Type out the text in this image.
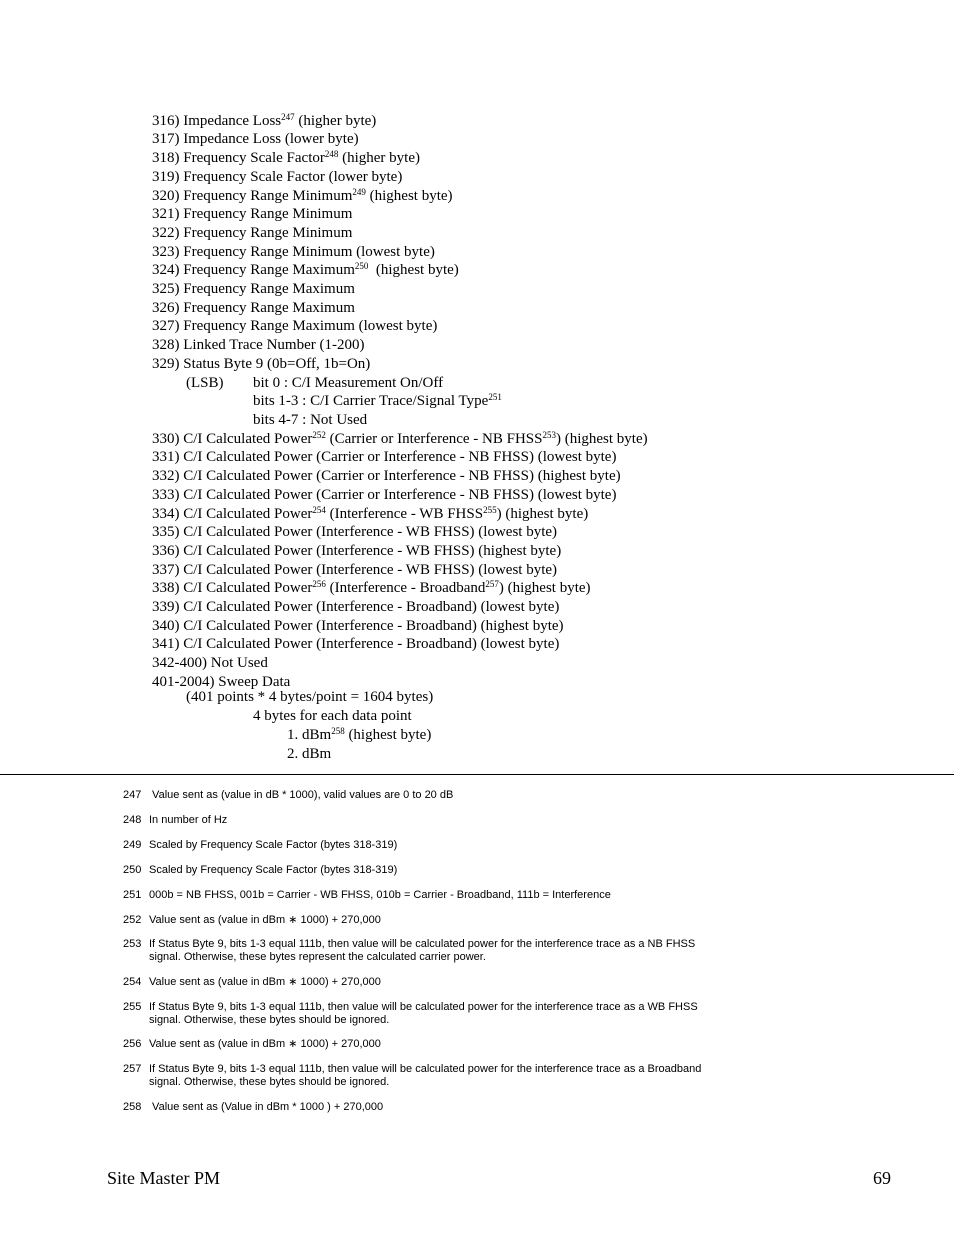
316) Impedance Loss$^{247}$ (higher byte)
317) Impedance Loss (lower byte)
318) Frequency Scale Factor$^{248}$ (higher byte)
319) Frequency Scale Factor (lower byte)
320) Frequency Range Minimum$^{249}$ (highest byte)
321) Frequency Range Minimum
322) Frequency Range Minimum
323) Frequency Range Minimum (lowest byte)
324) Frequency Range Maximum$^{250}$  (highest byte)
325) Frequency Range Maximum
326) Frequency Range Maximum
327) Frequency Range Maximum (lowest byte)
328) Linked Trace Number (1-200)
329) Status Byte 9 (0b=Off, 1b=On)
(LSB) bit 0 : C/I Measurement On/Off
bits 1-3 : C/I Carrier Trace/Signal Type$^{251}$
bits 4-7 : Not Used
330) C/I Calculated Power$^{252}$ (Carrier or Interference - NB FHSS$^{253}$) (highest byte)
331) C/I Calculated Power (Carrier or Interference - NB FHSS) (lowest byte)
332) C/I Calculated Power (Carrier or Interference - NB FHSS) (highest byte)
333) C/I Calculated Power (Carrier or Interference - NB FHSS) (lowest byte)
334) C/I Calculated Power$^{254}$ (Interference - WB FHSS$^{255}$) (highest byte)
335) C/I Calculated Power (Interference - WB FHSS) (lowest byte)
336) C/I Calculated Power (Interference - WB FHSS) (highest byte)
337) C/I Calculated Power (Interference - WB FHSS) (lowest byte)
338) C/I Calculated Power$^{256}$ (Interference - Broadband$^{257}$) (highest byte)
339) C/I Calculated Power (Interference - Broadband) (lowest byte)
340) C/I Calculated Power (Interference - Broadband) (highest byte)
341) C/I Calculated Power (Interference - Broadband) (lowest byte)
342-400) Not Used
401-2004) Sweep Data
(401 points * 4 bytes/point = 1604 bytes)
4 bytes for each data point
1. dBm$^{258}$ (highest byte)
2. dBm
247 Value sent as (value in dB * 1000), valid values are 0 to 20 dB
248 In number of Hz
249 Scaled by Frequency Scale Factor (bytes 318-319)
250 Scaled by Frequency Scale Factor (bytes 318-319)
251 000b = NB FHSS, 001b = Carrier - WB FHSS, 010b = Carrier - Broadband, 111b = Interference
252 Value sent as (value in dBm ∗ 1000) + 270,000
253 If Status Byte 9, bits 1-3 equal 111b, then value will be calculated power for the interference trace as a NB FHSS
signal. Otherwise, these bytes represent the calculated carrier power.
254 Value sent as (value in dBm ∗ 1000) + 270,000
255 If Status Byte 9, bits 1-3 equal 111b, then value will be calculated power for the interference trace as a WB FHSS
signal. Otherwise, these bytes should be ignored.
256 Value sent as (value in dBm ∗ 1000) + 270,000
257 If Status Byte 9, bits 1-3 equal 111b, then value will be calculated power for the interference trace as a Broadband
signal. Otherwise, these bytes should be ignored.
258 Value sent as (Value in dBm * 1000 ) + 270,000
Site Master PM	69
